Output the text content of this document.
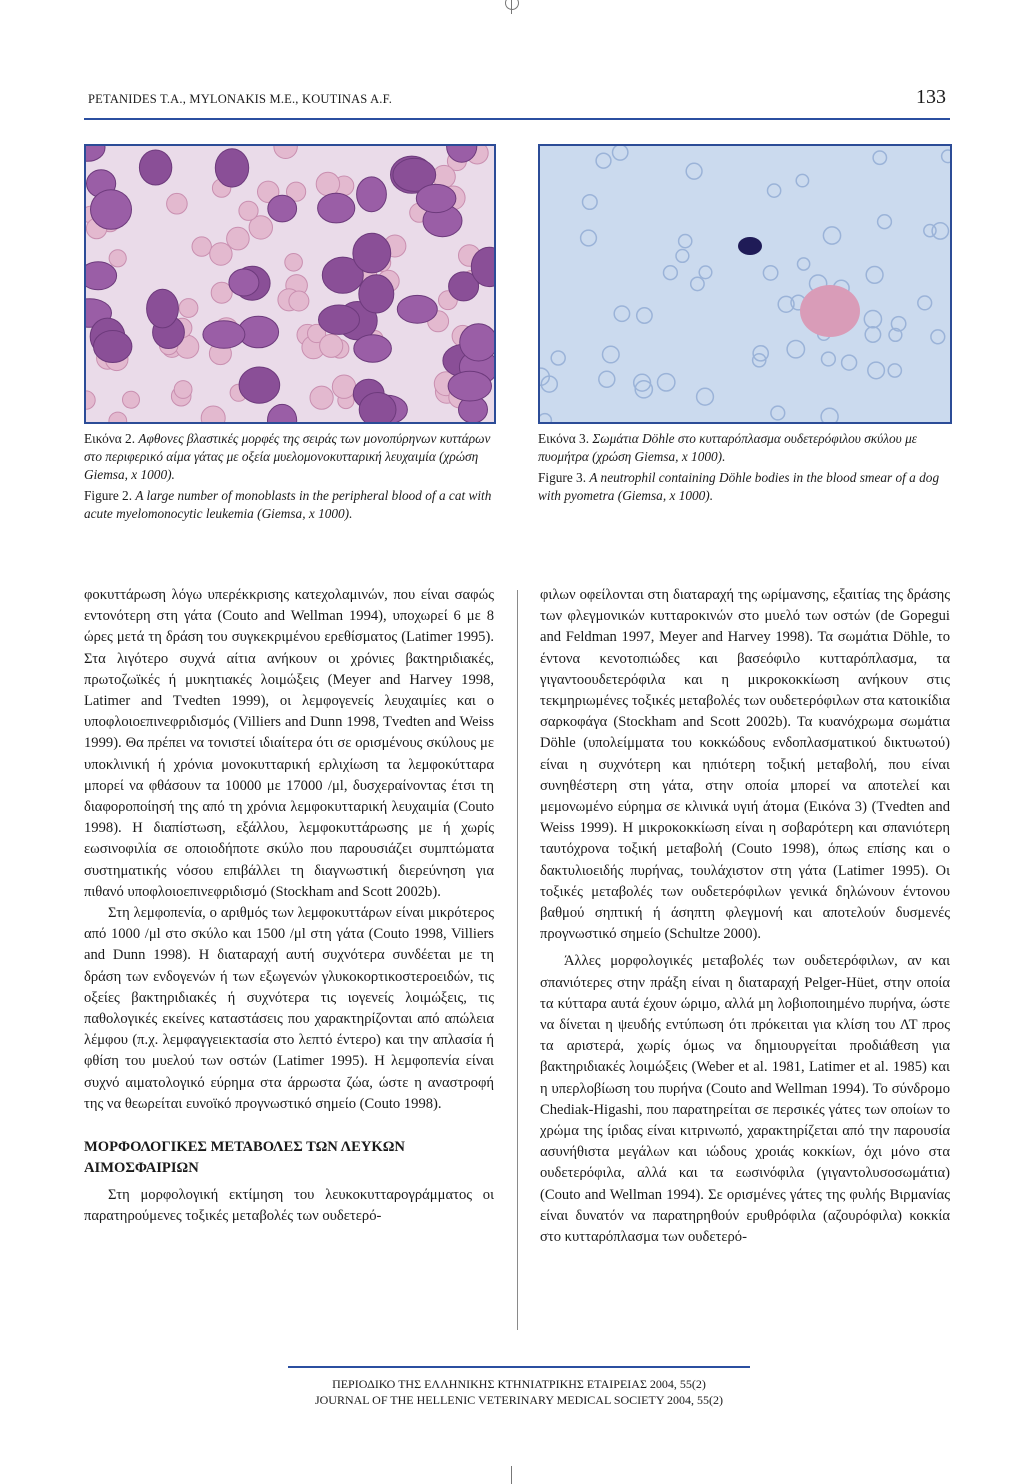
PETANIDES T.A., MYLONAKIS M.E., KOUTINAS A.F.	133

Εικόνα 2. Αφθονες βλαστικές μορφές της σειράς των μονοπύρηνων κυττάρων στο περιφερικό αίμα γάτας με οξεία μυελομονοκυτταρική λευχαιμία (χρώση Giemsa, x 1000).

Figure 2. A large number of monoblasts in the peripheral blood of a cat with acute myelomonocytic leukemia (Giemsa, x 1000).

Εικόνα 3. Σωμάτια Döhle στο κυτταρόπλασμα ουδετερόφιλου σκύλου με πυομήτρα (χρώση Giemsa, x 1000).

Figure 3. A neutrophil containing Döhle bodies in the blood smear of a dog with pyometra (Giemsa, x 1000).

φοκυττάρωση λόγω υπερέκκρισης κατεχολαμινών, που είναι σαφώς εντονότερη στη γάτα (Couto and Wellman 1994), υποχωρεί 6 με 8 ώρες μετά τη δράση του συγκεκριμένου ερεθίσματος (Latimer 1995). Στα λιγότερο συχνά αίτια ανήκουν οι χρόνιες βακτηριδιακές, πρωτοζωϊκές ή μυκητιακές λοιμώξεις (Meyer and Harvey 1998, Latimer and Tvedten 1999), οι λεμφογενείς λευχαιμίες και ο υποφλοιοεπινεφριδισμός (Villiers and Dunn 1998, Tvedten and Weiss 1999). Θα πρέπει να τονιστεί ιδιαίτερα ότι σε ορισμένους σκύλους με υποκλινική ή χρόνια μονοκυτταρική ερλιχίωση τα λεμφοκύτταρα μπορεί να φθάσουν τα 10000 με 17000 /μl, δυσχεραίνοντας έτσι τη διαφοροποίησή της από τη χρόνια λεμφοκυτταρική λευχαιμία (Couto 1998). Η διαπίστωση, εξάλλου, λεμφοκυττάρωσης με ή χωρίς εωσινοφιλία σε οποιοδήποτε σκύλο που παρουσιάζει συμπτώματα συστηματικής νόσου επιβάλλει τη διαγνωστική διερεύνηση για πιθανό υποφλοιοεπινεφριδισμό (Stockham and Scott 2002b).

Στη λεμφοπενία, ο αριθμός των λεμφοκυττάρων είναι μικρότερος από 1000 /μl στο σκύλο και 1500 /μl στη γάτα (Couto 1998, Villiers and Dunn 1998). Η διαταραχή αυτή συχνότερα συνδέεται με τη δράση των ενδογενών ή των εξωγενών γλυκοκορτικοστεροειδών, τις οξείες βακτηριδιακές ή συχνότερα τις ιογενείς λοιμώξεις, τις παθολογικές εκείνες καταστάσεις που χαρακτηρίζονται από απώλεια λέμφου (π.χ. λεμφαγγειεκτασία στο λεπτό έντερο) και την απλασία ή φθίση του μυελού των οστών (Latimer 1995). Η λεμφοπενία είναι συχνό αιματολογικό εύρημα στα άρρωστα ζώα, ώστε η αναστροφή της να θεωρείται ευνοϊκό προγνωστικό σημείο (Couto 1998).

ΜΟΡΦΟΛΟΓΙΚΕΣ ΜΕΤΑΒΟΛΕΣ ΤΩΝ ΛΕΥΚΩΝ ΑΙΜΟΣΦΑΙΡΙΩΝ

Στη μορφολογική εκτίμηση του λευκοκυτταρογράμματος οι παρατηρούμενες τοξικές μεταβολές των ουδετερό-

φιλων οφείλονται στη διαταραχή της ωρίμανσης, εξαιτίας της δράσης των φλεγμονικών κυτταροκινών στο μυελό των οστών (de Gopegui and Feldman 1997, Meyer and Harvey 1998). Τα σωμάτια Döhle, το έντονα κενοτοπιώδες και βασεόφιλο κυτταρόπλασμα, τα γιγαντοουδετερόφιλα και η μικροκοκκίωση ανήκουν στις τεκμηριωμένες τοξικές μεταβολές των ουδετερόφιλων στα κατοικίδια σαρκοφάγα (Stockham and Scott 2002b). Τα κυανόχρωμα σωμάτια Döhle (υπολείμματα του κοκκώδους ενδοπλασματικού δικτυωτού) είναι η συχνότερη και ηπιότερη τοξική μεταβολή, που είναι συνηθέστερη στη γάτα, στην οποία μπορεί να αποτελεί και μεμονωμένο εύρημα σε κλινικά υγιή άτομα (Εικόνα 3) (Tvedten and Weiss 1999). Η μικροκοκκίωση είναι η σοβαρότερη και σπανιότερη ταυτόχρονα τοξική μεταβολή (Couto 1998), όπως επίσης και ο δακτυλιοειδής πυρήνας, τουλάχιστον στη γάτα (Latimer 1995). Οι τοξικές μεταβολές των ουδετερόφιλων γενικά δηλώνουν έντονου βαθμού σηπτική ή άσηπτη φλεγμονή και αποτελούν δυσμενές προγνωστικό σημείο (Schultze 2000).

Άλλες μορφολογικές μεταβολές των ουδετερόφιλων, αν και σπανιότερες στην πράξη είναι η διαταραχή Pelger-Hüet, στην οποία τα κύτταρα αυτά έχουν ώριμο, αλλά μη λοβιοποιημένο πυρήνα, ώστε να δίνεται η ψευδής εντύπωση ότι πρόκειται για κλίση του ΛΤ προς τα αριστερά, χωρίς όμως να δημιουργείται προδιάθεση για βακτηριδιακές λοιμώξεις (Weber et al. 1981, Latimer et al. 1985) και η υπερλοβίωση του πυρήνα (Couto and Wellman 1994). Το σύνδρομο Chediak-Higashi, που παρατηρείται σε περσικές γάτες των οποίων το χρώμα της ίριδας είναι κιτρινωπό, χαρακτηρίζεται από την παρουσία ασυνήθιστα μεγάλων και ιώδους χροιάς κοκκίων, όχι μόνο στα ουδετερόφιλα, αλλά και τα εωσινόφιλα (γιγαντολυσοσωμάτια) (Couto and Wellman 1994). Σε ορισμένες γάτες της φυλής Βιρμανίας είναι δυνατόν να παρατηρηθούν ερυθρόφιλα (αζουρόφιλα) κοκκία στο κυτταρόπλασμα των ουδετερό-

ΠΕΡΙΟΔΙΚΟ ΤΗΣ ΕΛΛΗΝΙΚΗΣ ΚΤΗΝΙΑΤΡΙΚΗΣ ΕΤΑΙΡΕΙΑΣ 2004, 55(2)
JOURNAL OF THE HELLENIC VETERINARY MEDICAL SOCIETY 2004, 55(2)
